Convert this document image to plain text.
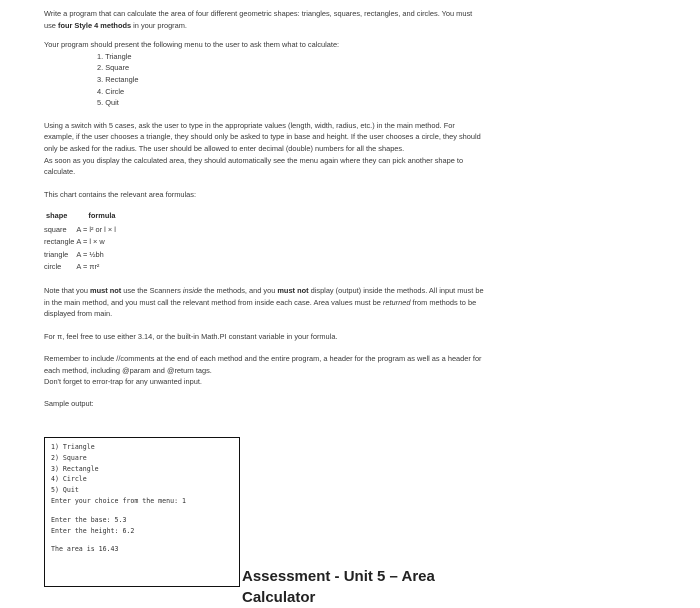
Write a program that can calculate the area of four different geometric shapes: triangles, squares, rectangles, and circles. You must use four Style 4 methods in your program.

Your program should present the following menu to the user to ask them what to calculate:

1. Triangle
2. Square
3. Rectangle
4. Circle
5. Quit

Using a switch with 5 cases, ask the user to type in the appropriate values (length, width, radius, etc.) in the main method. For example, if the user chooses a triangle, they should only be asked to type in base and height. If the user chooses a circle, they should only be asked for the radius. The user should be allowed to enter decimal (double) numbers for all the shapes.

As soon as you display the calculated area, they should automatically see the menu again where they can pick another shape to calculate.

This chart contains the relevant area formulas:

shape	formula
square	A = l² or l × l
rectangle	A = l × w
triangle	A = ½bh
circle	A = πr²

Note that you must not use the Scanners inside the methods, and you must not display (output) inside the methods. All input must be in the main method, and you must call the relevant method from inside each case. Area values must be returned from methods to be displayed from main.

For π, feel free to use either 3.14, or the built-in Math.PI constant variable in your formula.

Remember to include //comments at the end of each method and the entire program, a header for the program as well as a header for each method, including @param and @return tags.

Don't forget to error-trap for any unwanted input.

Sample output:

1) Triangle
2) Square
3) Rectangle
4) Circle
5) Quit
Enter your choice from the menu: 1
Enter the base: 5.3
Enter the height: 6.2
The area is 16.43
Assessment - Unit 5 – Area Calculator
